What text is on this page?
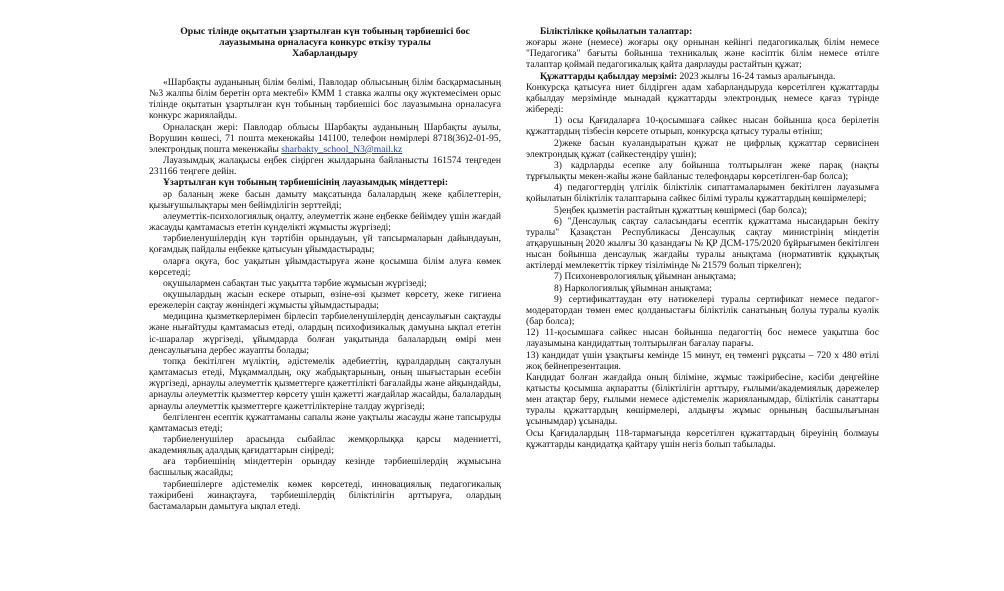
Орыс тілінде оқытатын ұзартылған күн тобының тәрбиешісі бос
лауазымына орналасуға конкурс өткізу туралы
Хабарландыру

«Шарбақты ауданының білім бөлімі, Павлодар облысының білім басқармасының №3 жалпы білім беретін орта мектебі» КММ 1 ставка жалпы оқу жүктемесімен орыс тілінде оқытатын ұзартылған күн тобының тәрбиешісі бос лауазымына орналасуға конкурс жариялайды.

Орналасқан жері: Павлодар облысы Шарбақты ауданының Шарбақты ауылы, Ворушин көшесі, 71 пошта мекенжайы 141100, телефон нөмірлері 8718(36)2-01-95, электрондық пошта мекенжайы sharbakty_school_N3@mail.kz

Лауазымдық жалақысы еңбек сіңірген жылдарына байланысты 161574 теңгеден 231166 теңгеге дейін.

Ұзартылған күн тобының тәрбиешісінің лауазымдық міндеттері:

әр баланың жеке басын дамыту мақсатында балалардың жеке қабілеттерін, қызығушылықтары мен бейімділігін зерттейді;

әлеуметтік-психологиялық оңалту, әлеуметтік және еңбекке бейімдеу үшін жағдай жасауды қамтамасыз ететін күнделікті жұмысты жүргізеді;

тәрбиеленушілердің күн тәртібін орындауын, үй тапсырмаларын дайындауын, қоғамдық пайдалы еңбекке қатысуын ұйымдастырады;

оларға оқуға, бос уақытын ұйымдастыруға және қосымша білім алуға көмек көрсетеді;

оқушылармен сабақтан тыс уақытта тәрбие жұмысын жүргізеді;

оқушылардың жасын ескере отырып, өзіне-өзі қызмет көрсету, жеке гигиена ережелерін сақтау жөніндегі жұмысты ұйымдастырады;

медицина қызметкерлерімен бірлесіп тәрбиеленушілердің денсаулығын сақтауды және нығайтуды қамтамасыз етеді, олардың психофизикалық дамуына ықпал ететін іс-шаралар жүргізеді, ұйымдарда болған уақытында балалардың өмірі мен денсаулығына дербес жауапты болады;

топқа бекітілген мүліктің, әдістемелік әдебиеттің, құралдардың сақталуын қамтамасыз етеді, Мұқаммалдың, оқу жабдықтарының, оның шығыстарын есебін жүргізеді, арнаулы әлеуметтік қызметтерге қажеттілікті бағалайды және айқындайды, арнаулы әлеуметтік қызметтер көрсету үшін қажетті жағдайлар жасайды, балалардың арнаулы әлеуметтік қызметтерге қажеттіліктеріне талдау жүргізеді;

белгіленген есептік құжаттаманы сапалы және уақтылы жасауды және тапсыруды қамтамасыз етеді;

тәрбиеленушілер арасында сыбайлас жемқорлыққа қарсы мәдениетті, академиялық адалдық қағидаттарын сіңіреді;

аға тәрбиешінің міндеттерін орындау кезінде тәрбиешілердің жұмысына басшылық жасайды;

тәрбиешілерге әдістемелік көмек көрсетеді, инновациялық педагогикалық тәжірибені жинақтауға, тәрбиешілердің біліктілігін арттыруға, олардың бастамаларын дамытуға ықпал етеді.

Біліктілікке қойылатын талаптар:

жоғары және (немесе) жоғары оқу орнынан кейінгі педагогикалық білім немесе "Педагогика" бағыты бойынша техникалық және кәсіптік білім немесе өтілге талаптар қоймай педагогикалық қайта даярлауды растайтын құжат;

Құжаттарды қабылдау мерзімі: 2023 жылғы 16-24 тамыз аралығында.

Конкурсқа қатысуға ниет білдірген адам хабарландыруда көрсетілген құжаттарды қабылдау мерзімінде мынадай құжаттарды электрондық немесе қағаз түрінде жібереді:

1) осы Қағидаларға 10-қосымшаға сәйкес нысан бойынша қоса берілетін құжаттардың тізбесін көрсете отырып, конкурсқа қатысу туралы өтініш;

2)жеке басын куәландыратын құжат не цифрлық құжаттар сервисінен электрондық құжат (сәйкестендіру үшін);

3) кадрларды есепке алу бойынша толтырылған жеке парақ (нақты тұрғылықты мекен-жайы және байланыс телефондары көрсетілген-бар болса);

4) педагогтердің үлгілік біліктілік сипаттамаларымен бекітілген лауазымға қойылатын біліктілік талаптарына сәйкес білімі туралы құжаттардың көшірмелері;

5)еңбек қызметін растайтын құжаттың көшірмесі (бар болса);

6) "Денсаулық сақтау саласындағы есептік құжаттама нысандарын бекіту туралы" Қазақстан Республикасы Денсаулық сақтау министрінің міндетін атқарушының 2020 жылғы 30 қазандағы № ҚР ДСМ-175/2020 бұйрығымен бекітілген нысан бойынша денсаулық жағдайы туралы анықтама (нормативтік құқықтық актілерді мемлекеттік тіркеу тізілімінде № 21579 болып тіркелген);

7) Психоневрологиялық ұйымнан анықтама;

8) Наркологиялық ұйымнан анықтама;

9) сертификаттаудан өту нәтижелері туралы сертификат немесе педагог-модератордан төмен емес қолданыстағы біліктілік санатының болуы туралы куәлік (бар болса);

12) 11-қосымшаға сәйкес нысан бойынша педагогтің бос немесе уақытша бос лауазымына кандидаттың толтырылған бағалау парағы.

13) кандидат үшін ұзақтығы кемінде 15 минут, ең төменгі рұқсаты – 720 x 480 өтілі жоқ бейнепрезентация.

Кандидат болған жағдайда оның біліміне, жұмыс тәжірибесіне, кәсіби деңгейіне қатысты қосымша ақпаратты (біліктілігін арттыру, ғылыми/академиялық дәрежелер мен атақтар беру, ғылыми немесе әдістемелік жарияланымдар, біліктілік санаттары туралы құжаттардың көшірмелері, алдыңғы жұмыс орнының басшылығынан ұсынымдар) ұсынады.

Осы Қағидалардың 118-тармағында көрсетілген құжаттардың біреуінің болмауы құжаттарды кандидатқа қайтару үшін негіз болып табылады.
